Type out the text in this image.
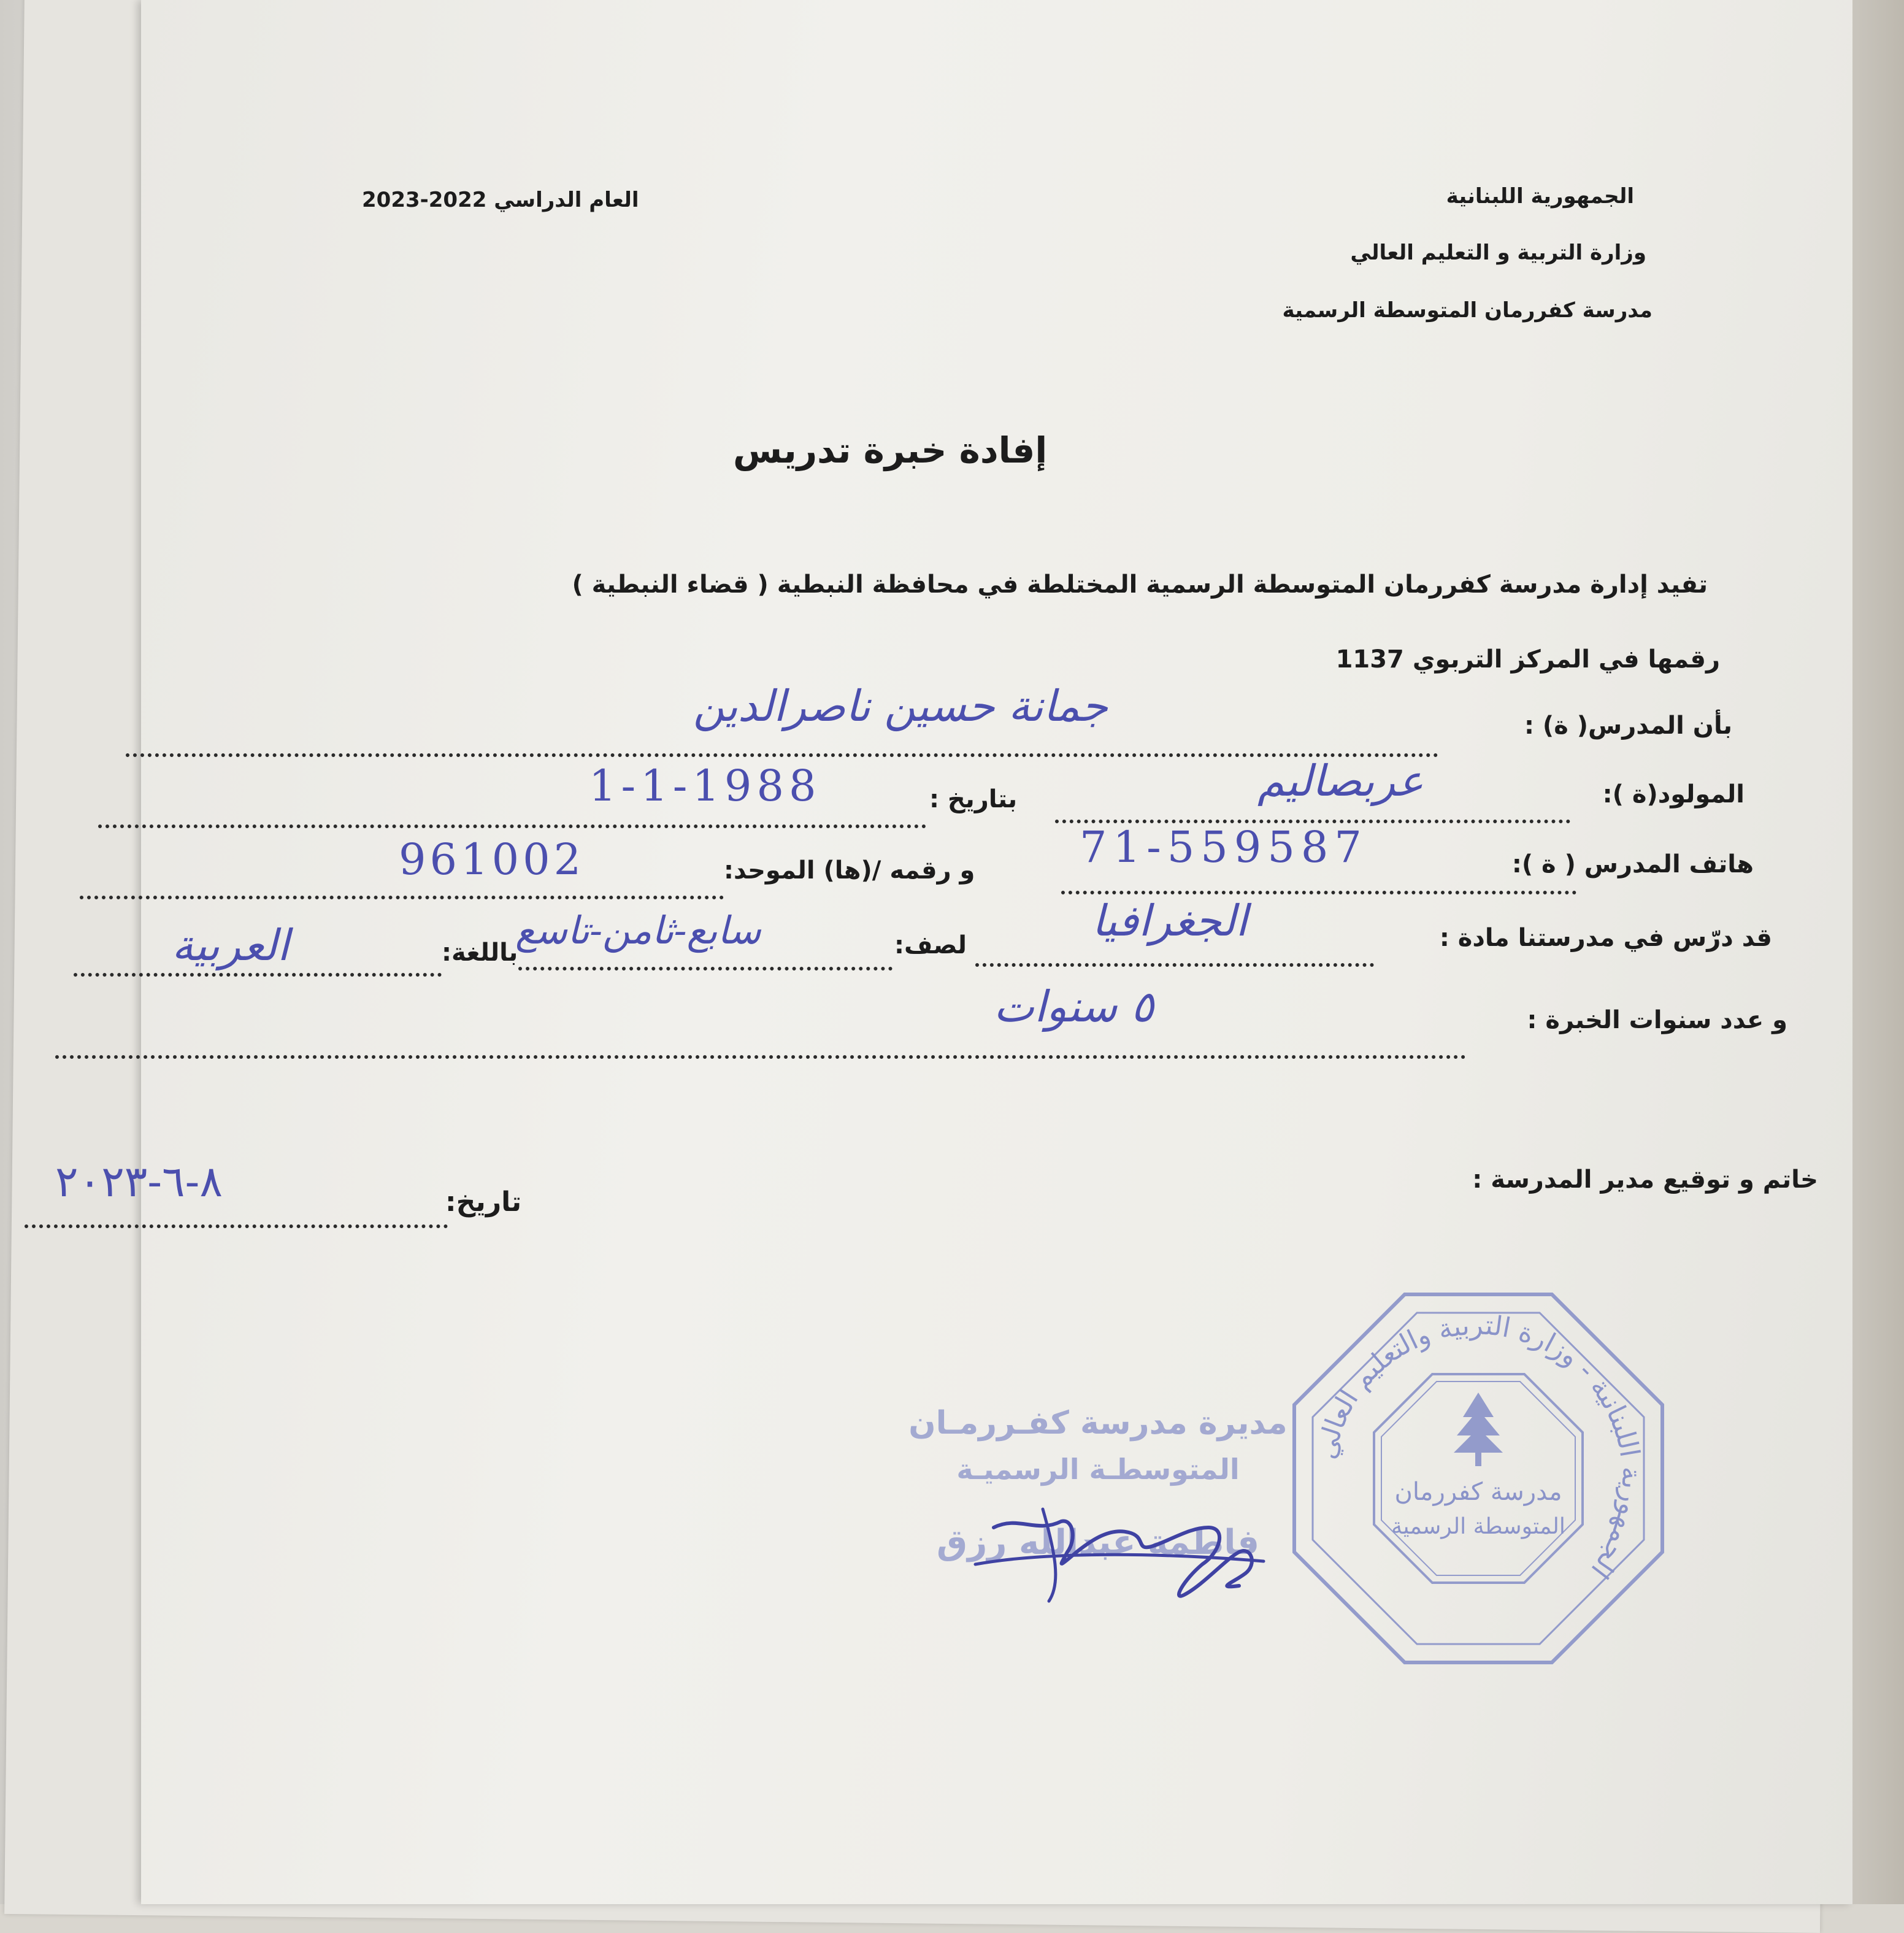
الجمهورية اللبنانية
وزارة التربية و التعليم العالي
مدرسة كفررمان المتوسطة الرسمية
العام الدراسي 2022-2023
إفادة خبرة تدريس
تفيد إدارة مدرسة كفررمان المتوسطة الرسمية المختلطة في محافظة النبطية ( قضاء النبطية )
رقمها في المركز التربوي 1137
بأن المدرس( ة) :
جمانة حسين ناصرالدين
المولود(ة ):
بتاريخ :	عربصاليم
1-1-1988
هاتف المدرس ( ة ):
و رقمه /(ها) الموحد: 71-559587
961002
قد درّس في مدرستنا مادة :
لصف:
باللغة:
الجغرافيا
سابع-ثامن-تاسع
العربية
و عدد سنوات الخبرة :
٥ سنوات
خاتم و توقيع مدير المدرسة :
تاريخ:
٨-٦-٢٠٢٣
مديرة مدرسة كفـررمـان
المتوسطـة الرسميـة
فاطمة عبدالله رزق
مدرسة كفررمان
المتوسطة الرسمية
الجمهورية اللبنانية - وزارة التربية والتعليم العالي
